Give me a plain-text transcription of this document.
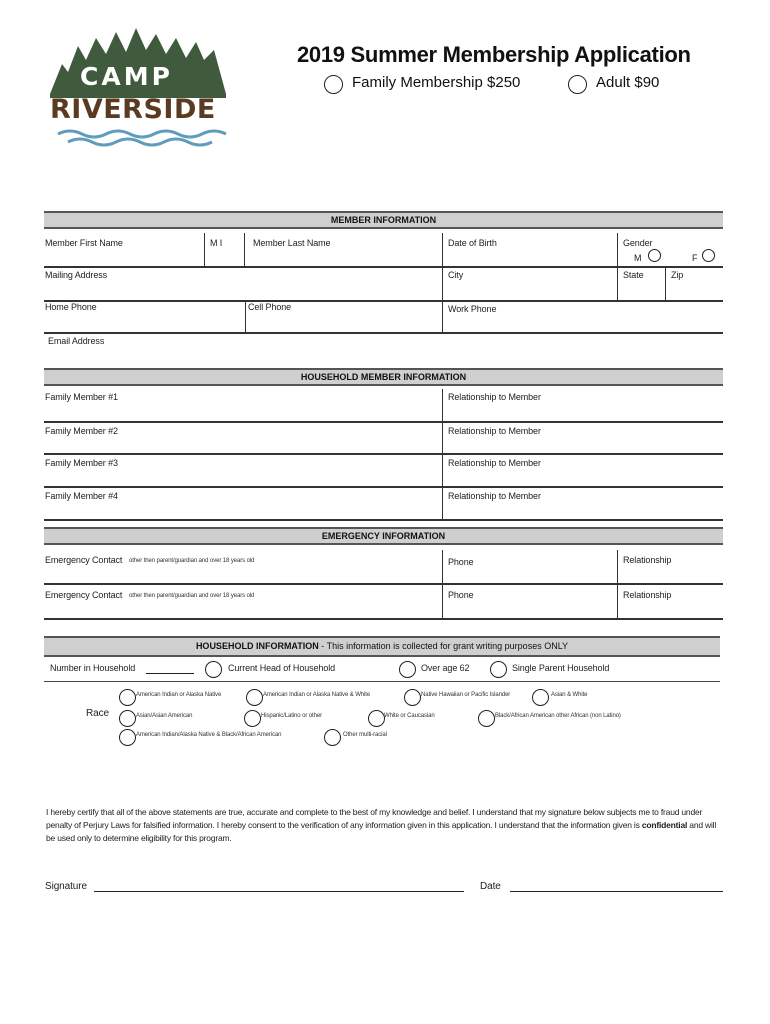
CAMP
RIVERSIDE
2019 Summer Membership Application
Family Membership $250	Adult $90
MEMBER INFORMATION
Member First Name	M I	Member Last Name	Date of Birth	Gender
M	F
Mailing Address	City	State	Zip
Home Phone	Cell Phone	Work Phone
Email Address
HOUSEHOLD MEMBER INFORMATION
Family Member #1	Relationship to Member
Family Member #2	Relationship to Member
Family Member #3	Relationship to Member
Family Member #4	Relationship to Member
EMERGENCY INFORMATION
Emergency Contact other then parent/guardian and over 18 years old	Phone	Relationship
Emergency Contact other then parent/guardian and over 18 years old	Phone	Relationship
HOUSEHOLD INFORMATION - This information is collected for grant writing purposes ONLY
Number in Household	Current Head of Household	Over age 62	Single Parent Household
Race
American Indian or Alaska Native	American Indian or Alaska Native & White	Native Hawaiian or Pacific Islander	Asian & White
Asian/Asian American	Hispanic/Latino or other	White or Caucasian	Black/African American other African (non Latino)
American Indian/Alaska Native & Black/African American	Other multi-racial
I hereby certify that all of the above statements are true, accurate and complete to the best of my knowledge and belief. I understand that my signature below subjects me to fraud under penalty of Perjury Laws for falsified information. I hereby consent to the verification of any information given in this application. I understand that the information given is confidential and will be used only to determine eligibility for this program.
Signature	Date
